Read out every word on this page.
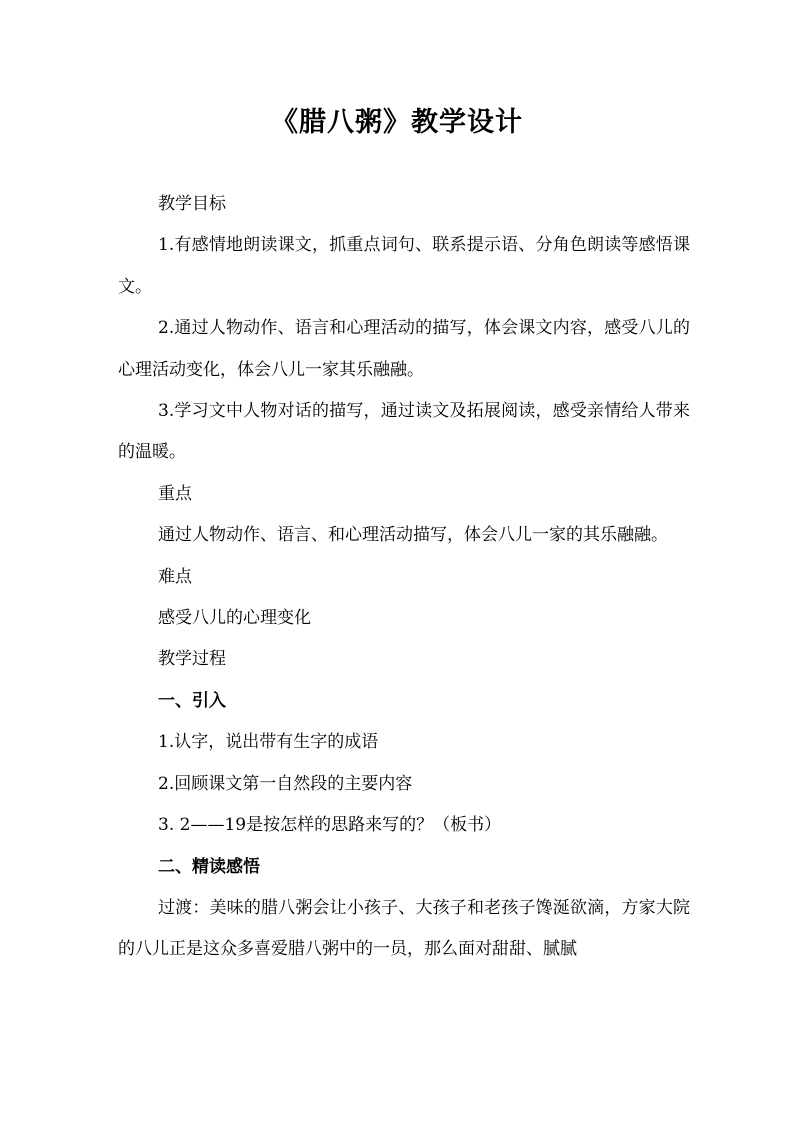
《腊八粥》教学设计

教学目标

1.有感情地朗读课文，抓重点词句、联系提示语、分角色朗读等感悟课文。

2.通过人物动作、语言和心理活动的描写，体会课文内容，感受八儿的心理活动变化，体会八儿一家其乐融融。

3.学习文中人物对话的描写，通过读文及拓展阅读，感受亲情给人带来的温暖。

重点

通过人物动作、语言、和心理活动描写，体会八儿一家的其乐融融。

难点

感受八儿的心理变化

教学过程

一、引入

1.认字，说出带有生字的成语

2.回顾课文第一自然段的主要内容

3. 2——19是按怎样的思路来写的？（板书）

二、精读感悟

过渡：美味的腊八粥会让小孩子、大孩子和老孩子馋涎欲滴，方家大院的八儿正是这众多喜爱腊八粥中的一员，那么面对甜甜、腻腻
